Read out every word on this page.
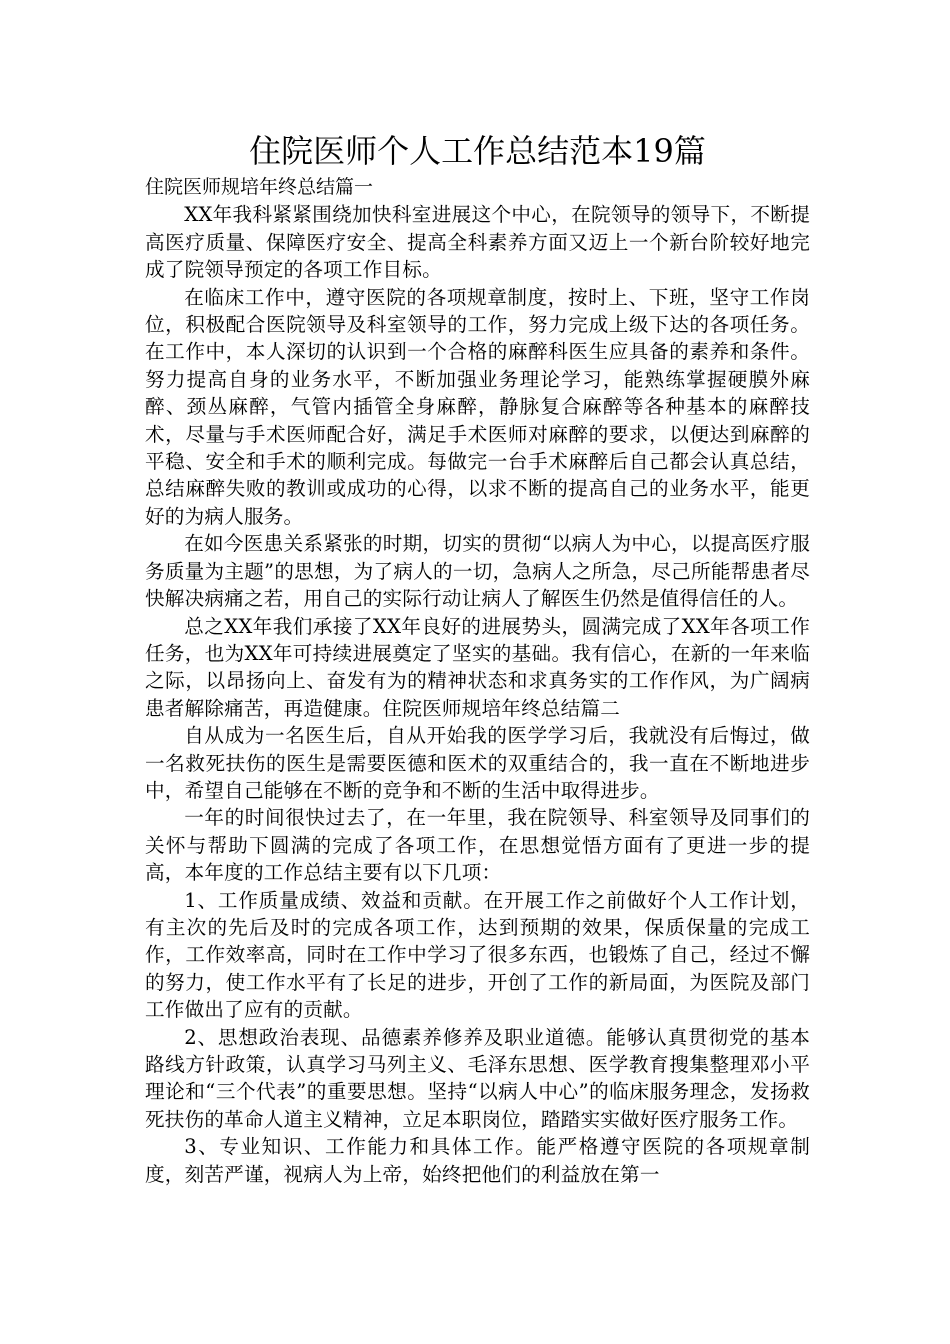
住院医师个人工作总结范本19篇

住院医师规培年终总结篇一

XX年我科紧紧围绕加快科室进展这个中心，在院领导的领导下，不断提高医疗质量、保障医疗安全、提高全科素养方面又迈上一个新台阶较好地完成了院领导预定的各项工作目标。

在临床工作中，遵守医院的各项规章制度，按时上、下班，坚守工作岗位，积极配合医院领导及科室领导的工作，努力完成上级下达的各项任务。在工作中，本人深切的认识到一个合格的麻醉科医生应具备的素养和条件。努力提高自身的业务水平，不断加强业务理论学习，能熟练掌握硬膜外麻醉、颈丛麻醉，气管内插管全身麻醉，静脉复合麻醉等各种基本的麻醉技术，尽量与手术医师配合好，满足手术医师对麻醉的要求，以便达到麻醉的平稳、安全和手术的顺利完成。每做完一台手术麻醉后自己都会认真总结，总结麻醉失败的教训或成功的心得，以求不断的提高自己的业务水平，能更好的为病人服务。

在如今医患关系紧张的时期，切实的贯彻“以病人为中心，以提高医疗服务质量为主题”的思想，为了病人的一切，急病人之所急，尽己所能帮患者尽快解决病痛之若，用自己的实际行动让病人了解医生仍然是值得信任的人。

总之XX年我们承接了XX年良好的进展势头，圆满完成了XX年各项工作任务，也为XX年可持续进展奠定了坚实的基础。我有信心，在新的一年来临之际，以昂扬向上、奋发有为的精神状态和求真务实的工作作风，为广阔病患者解除痛苦，再造健康。住院医师规培年终总结篇二

自从成为一名医生后，自从开始我的医学学习后，我就没有后悔过，做一名救死扶伤的医生是需要医德和医术的双重结合的，我一直在不断地进步中，希望自己能够在不断的竞争和不断的生活中取得进步。

一年的时间很快过去了，在一年里，我在院领导、科室领导及同事们的关怀与帮助下圆满的完成了各项工作，在思想觉悟方面有了更进一步的提高，本年度的工作总结主要有以下几项：

1、工作质量成绩、效益和贡献。在开展工作之前做好个人工作计划，有主次的先后及时的完成各项工作，达到预期的效果，保质保量的完成工作，工作效率高，同时在工作中学习了很多东西，也锻炼了自己，经过不懈的努力，使工作水平有了长足的进步，开创了工作的新局面，为医院及部门工作做出了应有的贡献。

2、思想政治表现、品德素养修养及职业道德。能够认真贯彻党的基本路线方针政策，认真学习马列主义、毛泽东思想、医学教育搜集整理邓小平理论和“三个代表”的重要思想。坚持“以病人中心”的临床服务理念，发扬救死扶伤的革命人道主义精神，立足本职岗位，踏踏实实做好医疗服务工作。

3、专业知识、工作能力和具体工作。能严格遵守医院的各项规章制度，刻苦严谨，视病人为上帝，始终把他们的利益放在第一
